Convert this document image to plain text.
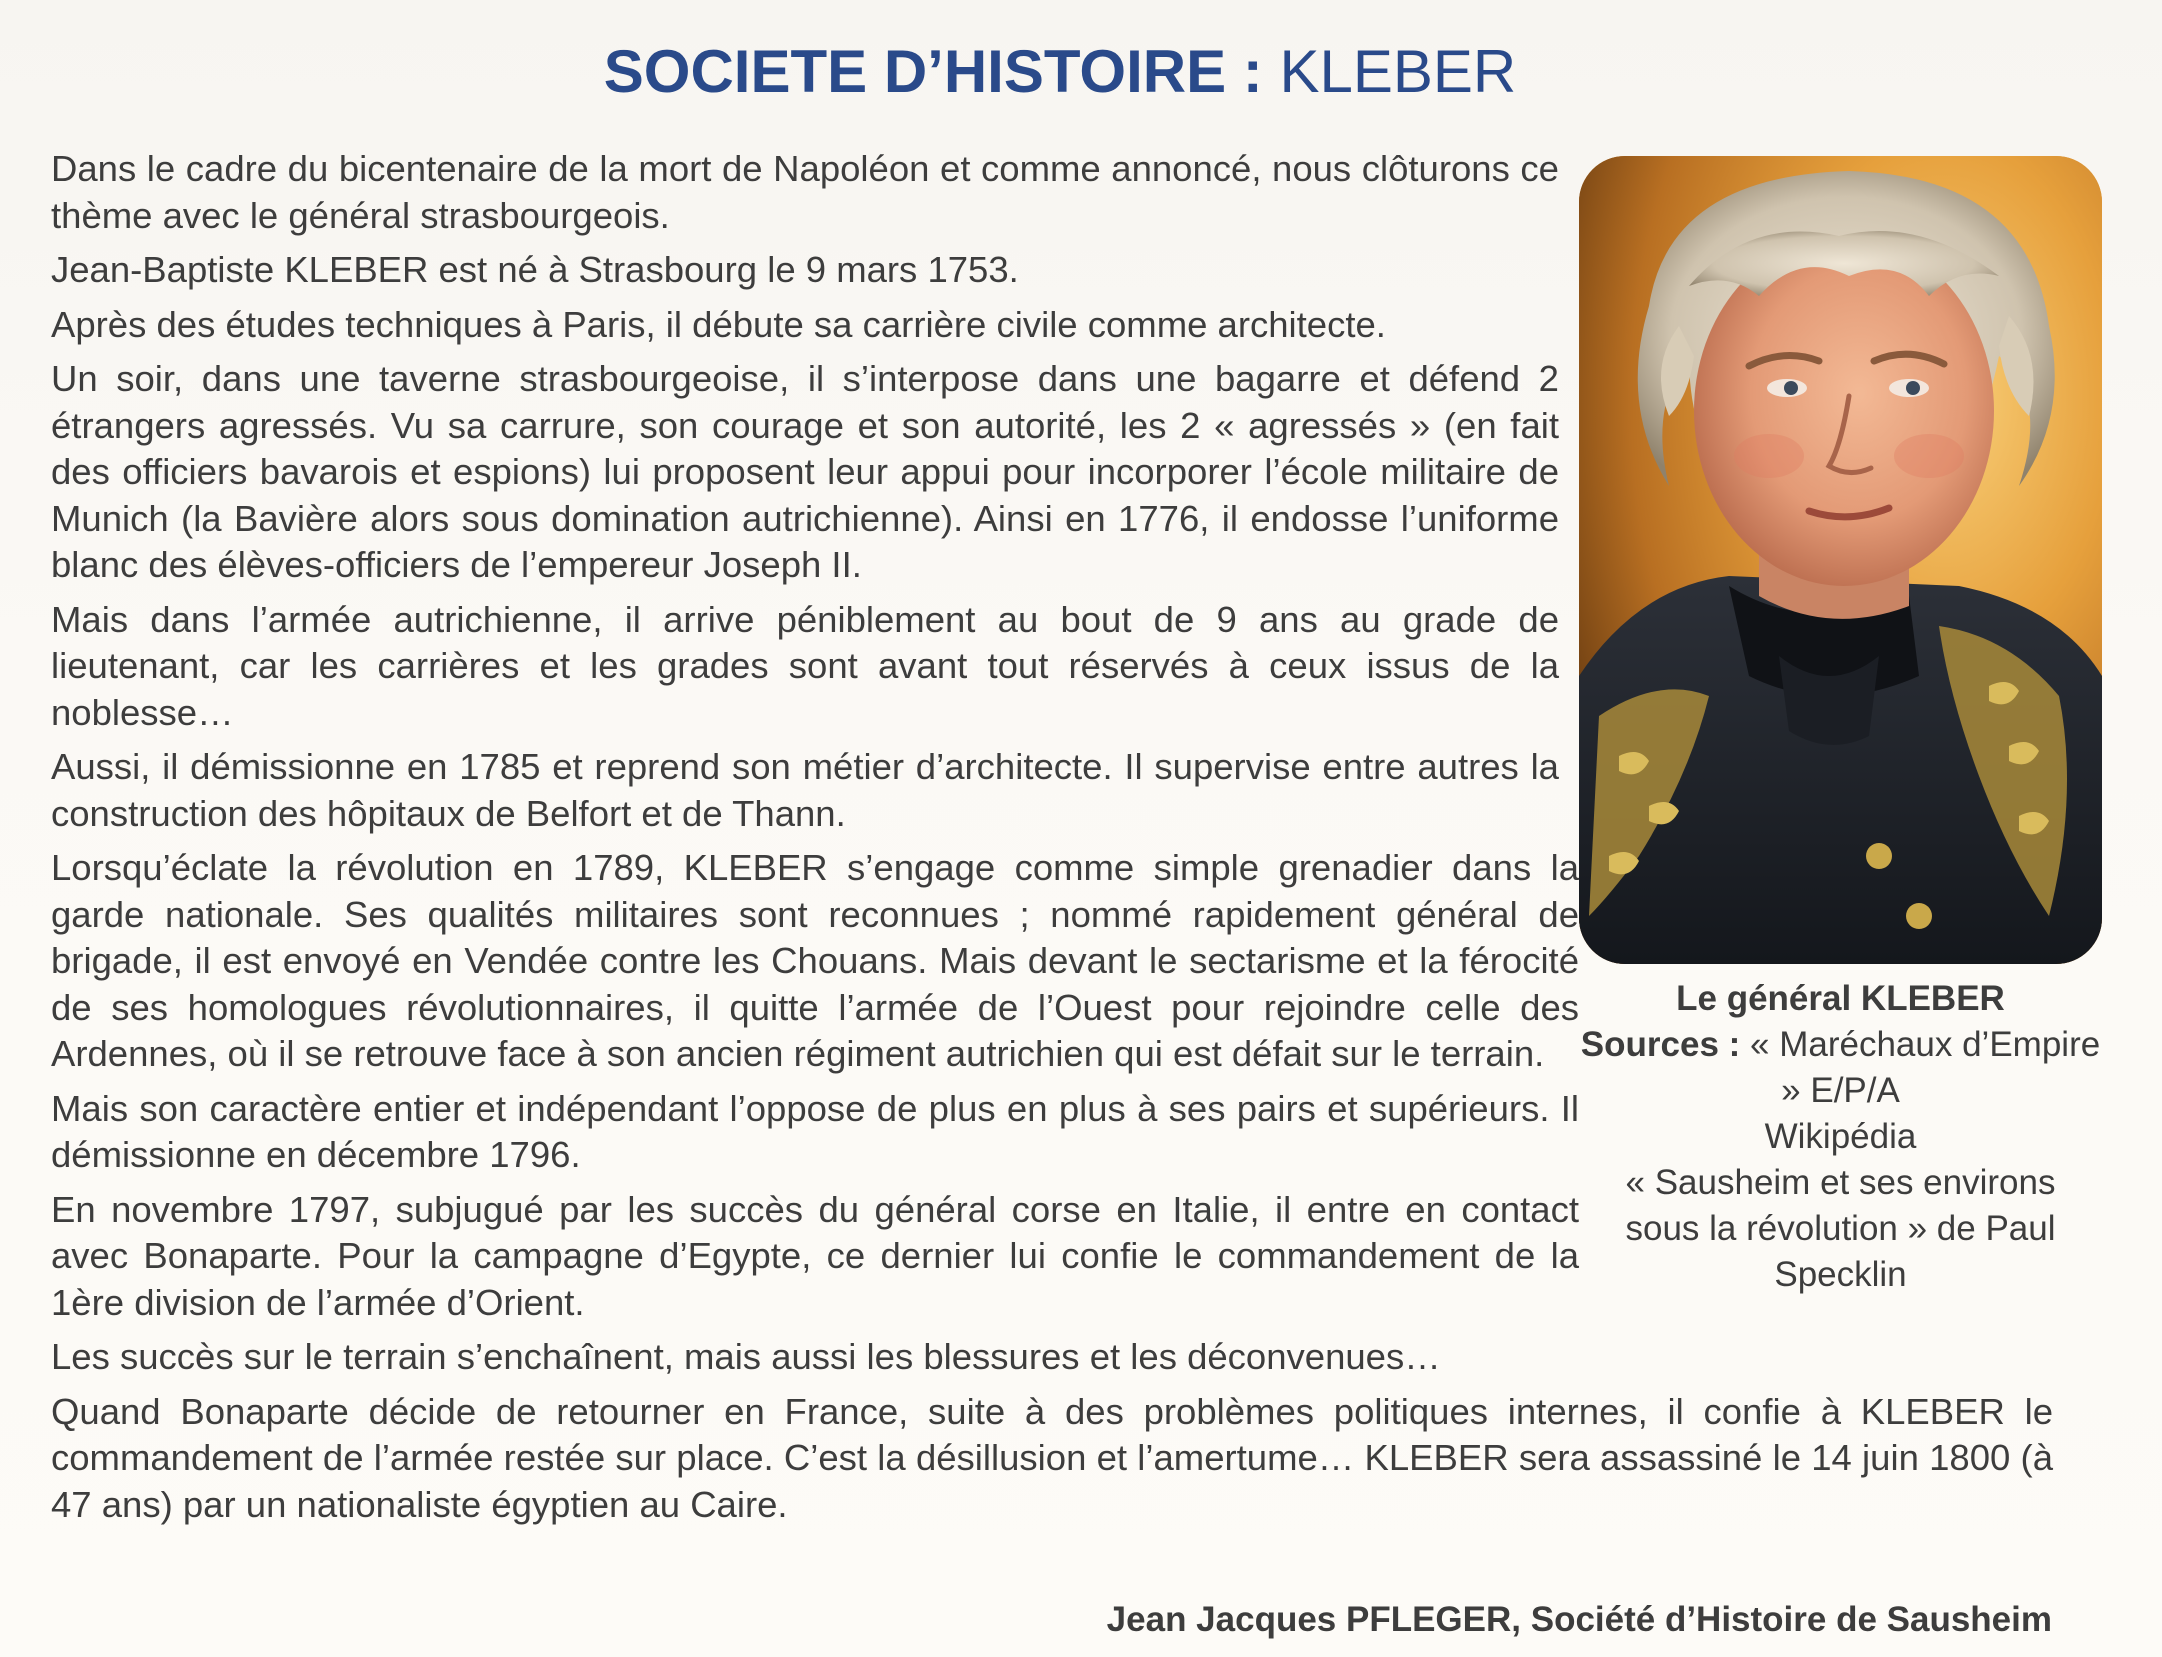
SOCIETE D’HISTOIRE : KLEBER

Dans le cadre du bicentenaire de la mort de Napoléon et comme annoncé, nous clôturons ce thème avec le général strasbourgeois.

Jean-Baptiste KLEBER est né à Strasbourg le 9 mars 1753.

Après des études techniques à Paris, il débute sa carrière civile comme architecte.

Un soir, dans une taverne strasbourgeoise, il s’interpose dans une bagarre et défend 2 étrangers agressés. Vu sa carrure, son courage et son autorité, les 2 « agressés » (en fait des officiers bavarois et espions) lui proposent leur appui pour incorporer l’école militaire de Munich (la Bavière alors sous domination autrichienne). Ainsi en 1776, il endosse l’uniforme blanc des élèves-officiers de l’empereur Joseph II.

Mais dans l’armée autrichienne, il arrive péniblement au bout de 9 ans au grade de lieutenant, car les carrières et les grades sont avant tout réservés à ceux issus de la noblesse…

Aussi, il démissionne en 1785 et reprend son métier d’architecte. Il supervise entre autres la construction des hôpitaux de Belfort et de Thann.

Lorsqu’éclate la révolution en 1789, KLEBER s’engage comme simple grenadier dans la garde nationale. Ses qualités militaires sont reconnues ; nommé rapidement général de brigade, il est envoyé en Vendée contre les Chouans. Mais devant le sectarisme et la férocité de ses homologues révolutionnaires, il quitte l’armée de l’Ouest pour rejoindre celle des Ardennes, où il se retrouve face à son ancien régiment autrichien qui est défait sur le terrain.

Mais son caractère entier et indépendant l’oppose de plus en plus à ses pairs et supérieurs. Il démissionne en décembre 1796.

En novembre 1797, subjugué par les succès du général corse en Italie, il entre en contact avec Bonaparte. Pour la campagne d’Egypte, ce dernier lui confie le commandement de la 1ère division de l’armée d’Orient.

Les succès sur le terrain s’enchaînent, mais aussi les blessures et les déconvenues…

Quand Bonaparte décide de retourner en France, suite à des problèmes politiques internes, il confie à KLEBER le commandement de l’armée restée sur place. C’est la désillusion et l’amertume… KLEBER sera assassiné le 14 juin 1800 (à 47 ans) par un nationaliste égyptien au Caire.

Le général KLEBER
Sources : « Maréchaux d’Empire » E/P/A
Wikipédia
« Sausheim et ses environs sous la révolution » de Paul Specklin
Jean Jacques PFLEGER, Société d’Histoire de Sausheim
